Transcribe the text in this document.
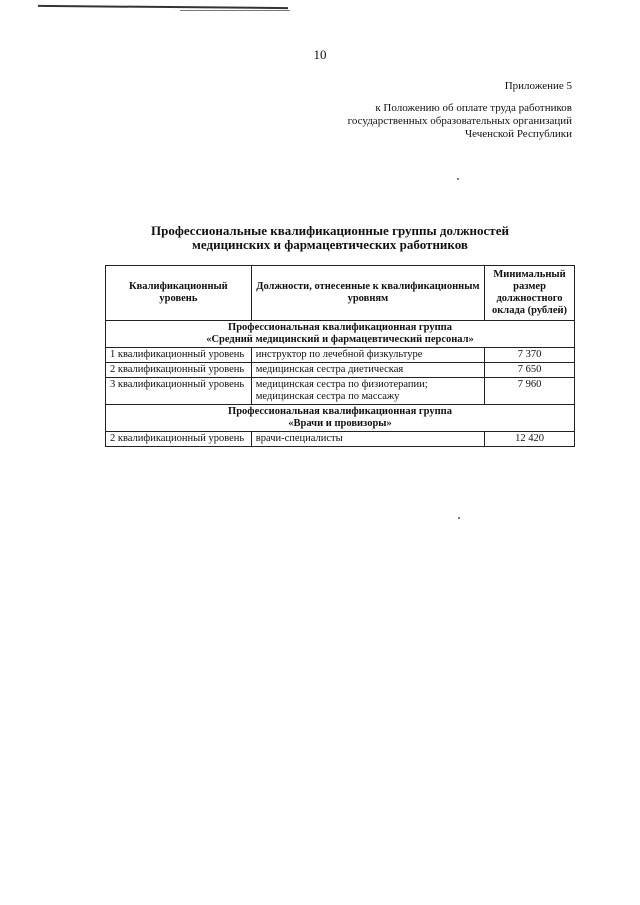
10
Приложение 5
к Положению об оплате труда работников
государственных образовательных организаций
Чеченской Республики
Профессиональные квалификационные группы должностей
медицинских и фармацевтических работников
Квалификационный уровень	Должности, отнесенные к квалификационным уровням	Минимальный размер должностного оклада (рублей)

Профессиональная квалификационная группа
«Средний медицинский и фармацевтический персонал»		

1 квалификационный уровень	инструктор по лечебной физкультуре	7 370
2 квалификационный уровень	медицинская сестра диетическая	7 650
3 квалификационный уровень	медицинская сестра по физиотерапии;
медицинская сестра по массажу	7 960

Профессиональная квалификационная группа
«Врачи и провизоры»		

2 квалификационный уровень	врачи-специалисты	12 420
